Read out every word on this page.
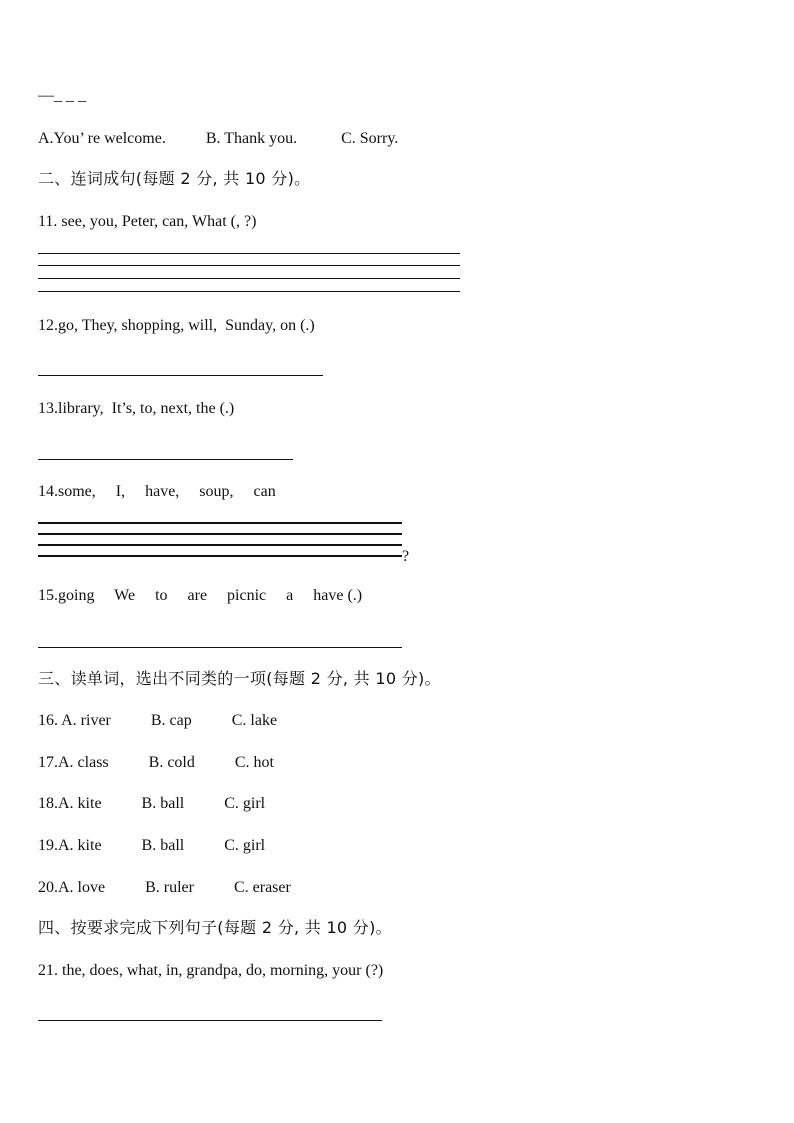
—_ _ _
A.You’ re welcome.          B. Thank you.           C. Sorry.
二、连词成句(每题 2 分, 共 10 分)。
11. see, you, Peter, can, What (, ?)
12.go, They, shopping, will,  Sunday, on (.)
13.library,  It’s, to, next, the (.)
14.some,     I,     have,     soup,     can
?
15.going     We     to     are     picnic     a     have (.)
三、读单词，选出不同类的一项(每题 2 分, 共 10 分)。
16. A. river          B. cap          C. lake
17.A. class          B. cold          C. hot
18.A. kite          B. ball          C. girl
19.A. kite          B. ball          C. girl
20.A. love          B. ruler          C. eraser
四、按要求完成下列句子(每题 2 分, 共 10 分)。
21. the, does, what, in, grandpa, do, morning, your (?)
